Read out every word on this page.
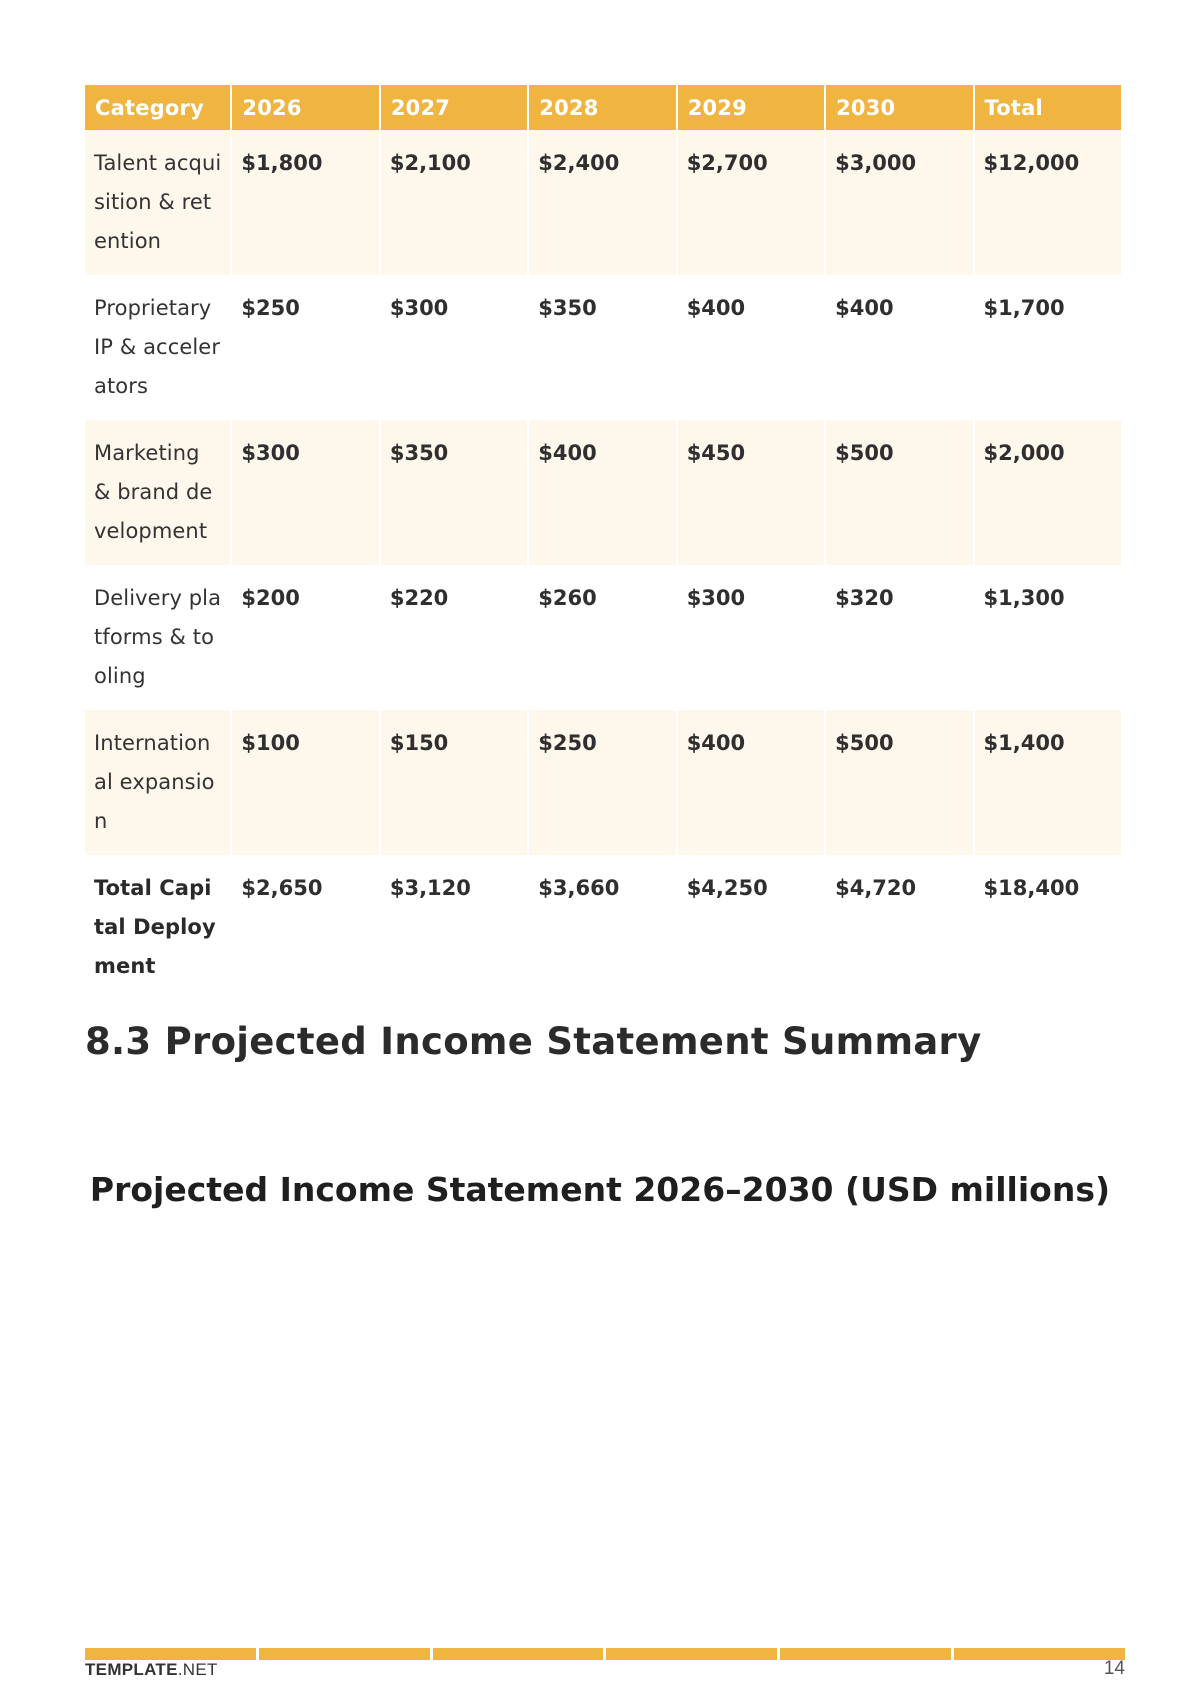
Category	2026	2027	2028	2029	2030	Total
Talent acquisition & retention	$1,800	$2,100	$2,400	$2,700	$3,000	$12,000
Proprietary IP & accelerators	$250	$300	$350	$400	$400	$1,700
Marketing & brand development	$300	$350	$400	$450	$500	$2,000
Delivery platforms & tooling	$200	$220	$260	$300	$320	$1,300
International expansion	$100	$150	$250	$400	$500	$1,400
Total Capital Deployment	$2,650	$3,120	$3,660	$4,250	$4,720	$18,400
8.3 Projected Income Statement Summary
Projected Income Statement 2026–2030 (USD millions)
TEMPLATE.NET	14
